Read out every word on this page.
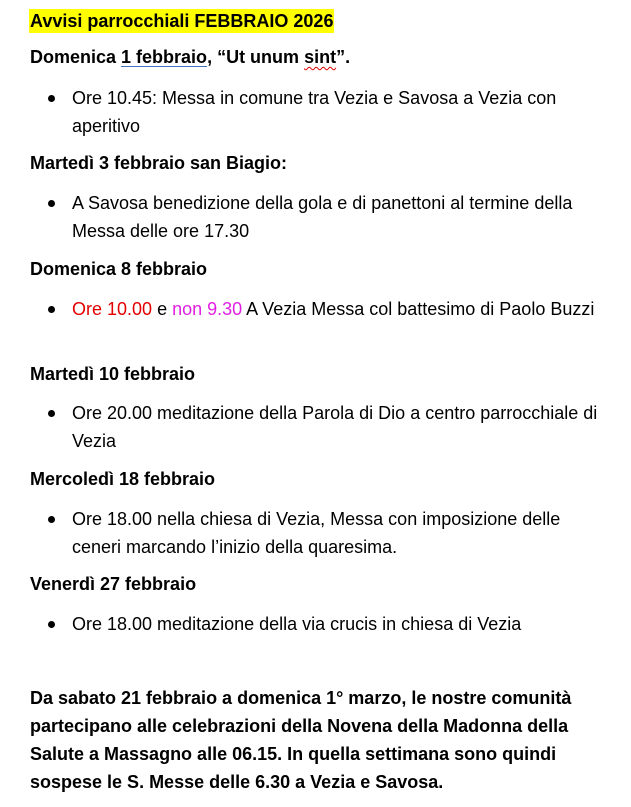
Avvisi parrocchiali FEBBRAIO 2026
Domenica 1 febbraio, “Ut unum sint”.
Ore 10.45: Messa in comune tra Vezia e Savosa a Vezia con aperitivo
Martedì 3 febbraio san Biagio:
A Savosa benedizione della gola e di panettoni al termine della Messa delle ore 17.30
Domenica 8 febbraio
Ore 10.00 e non 9.30 A Vezia Messa col battesimo di Paolo Buzzi
Martedì 10 febbraio
Ore 20.00 meditazione della Parola di Dio a centro parrocchiale di Vezia
Mercoledì 18 febbraio
Ore 18.00 nella chiesa di Vezia, Messa con imposizione delle ceneri marcando l’inizio della quaresima.
Venerdì 27 febbraio
Ore 18.00 meditazione della via crucis in chiesa di Vezia
Da sabato 21 febbraio a domenica 1° marzo, le nostre comunità partecipano alle celebrazioni della Novena della Madonna della Salute a Massagno alle 06.15. In quella settimana sono quindi sospese le S. Messe delle 6.30 a Vezia e Savosa.
